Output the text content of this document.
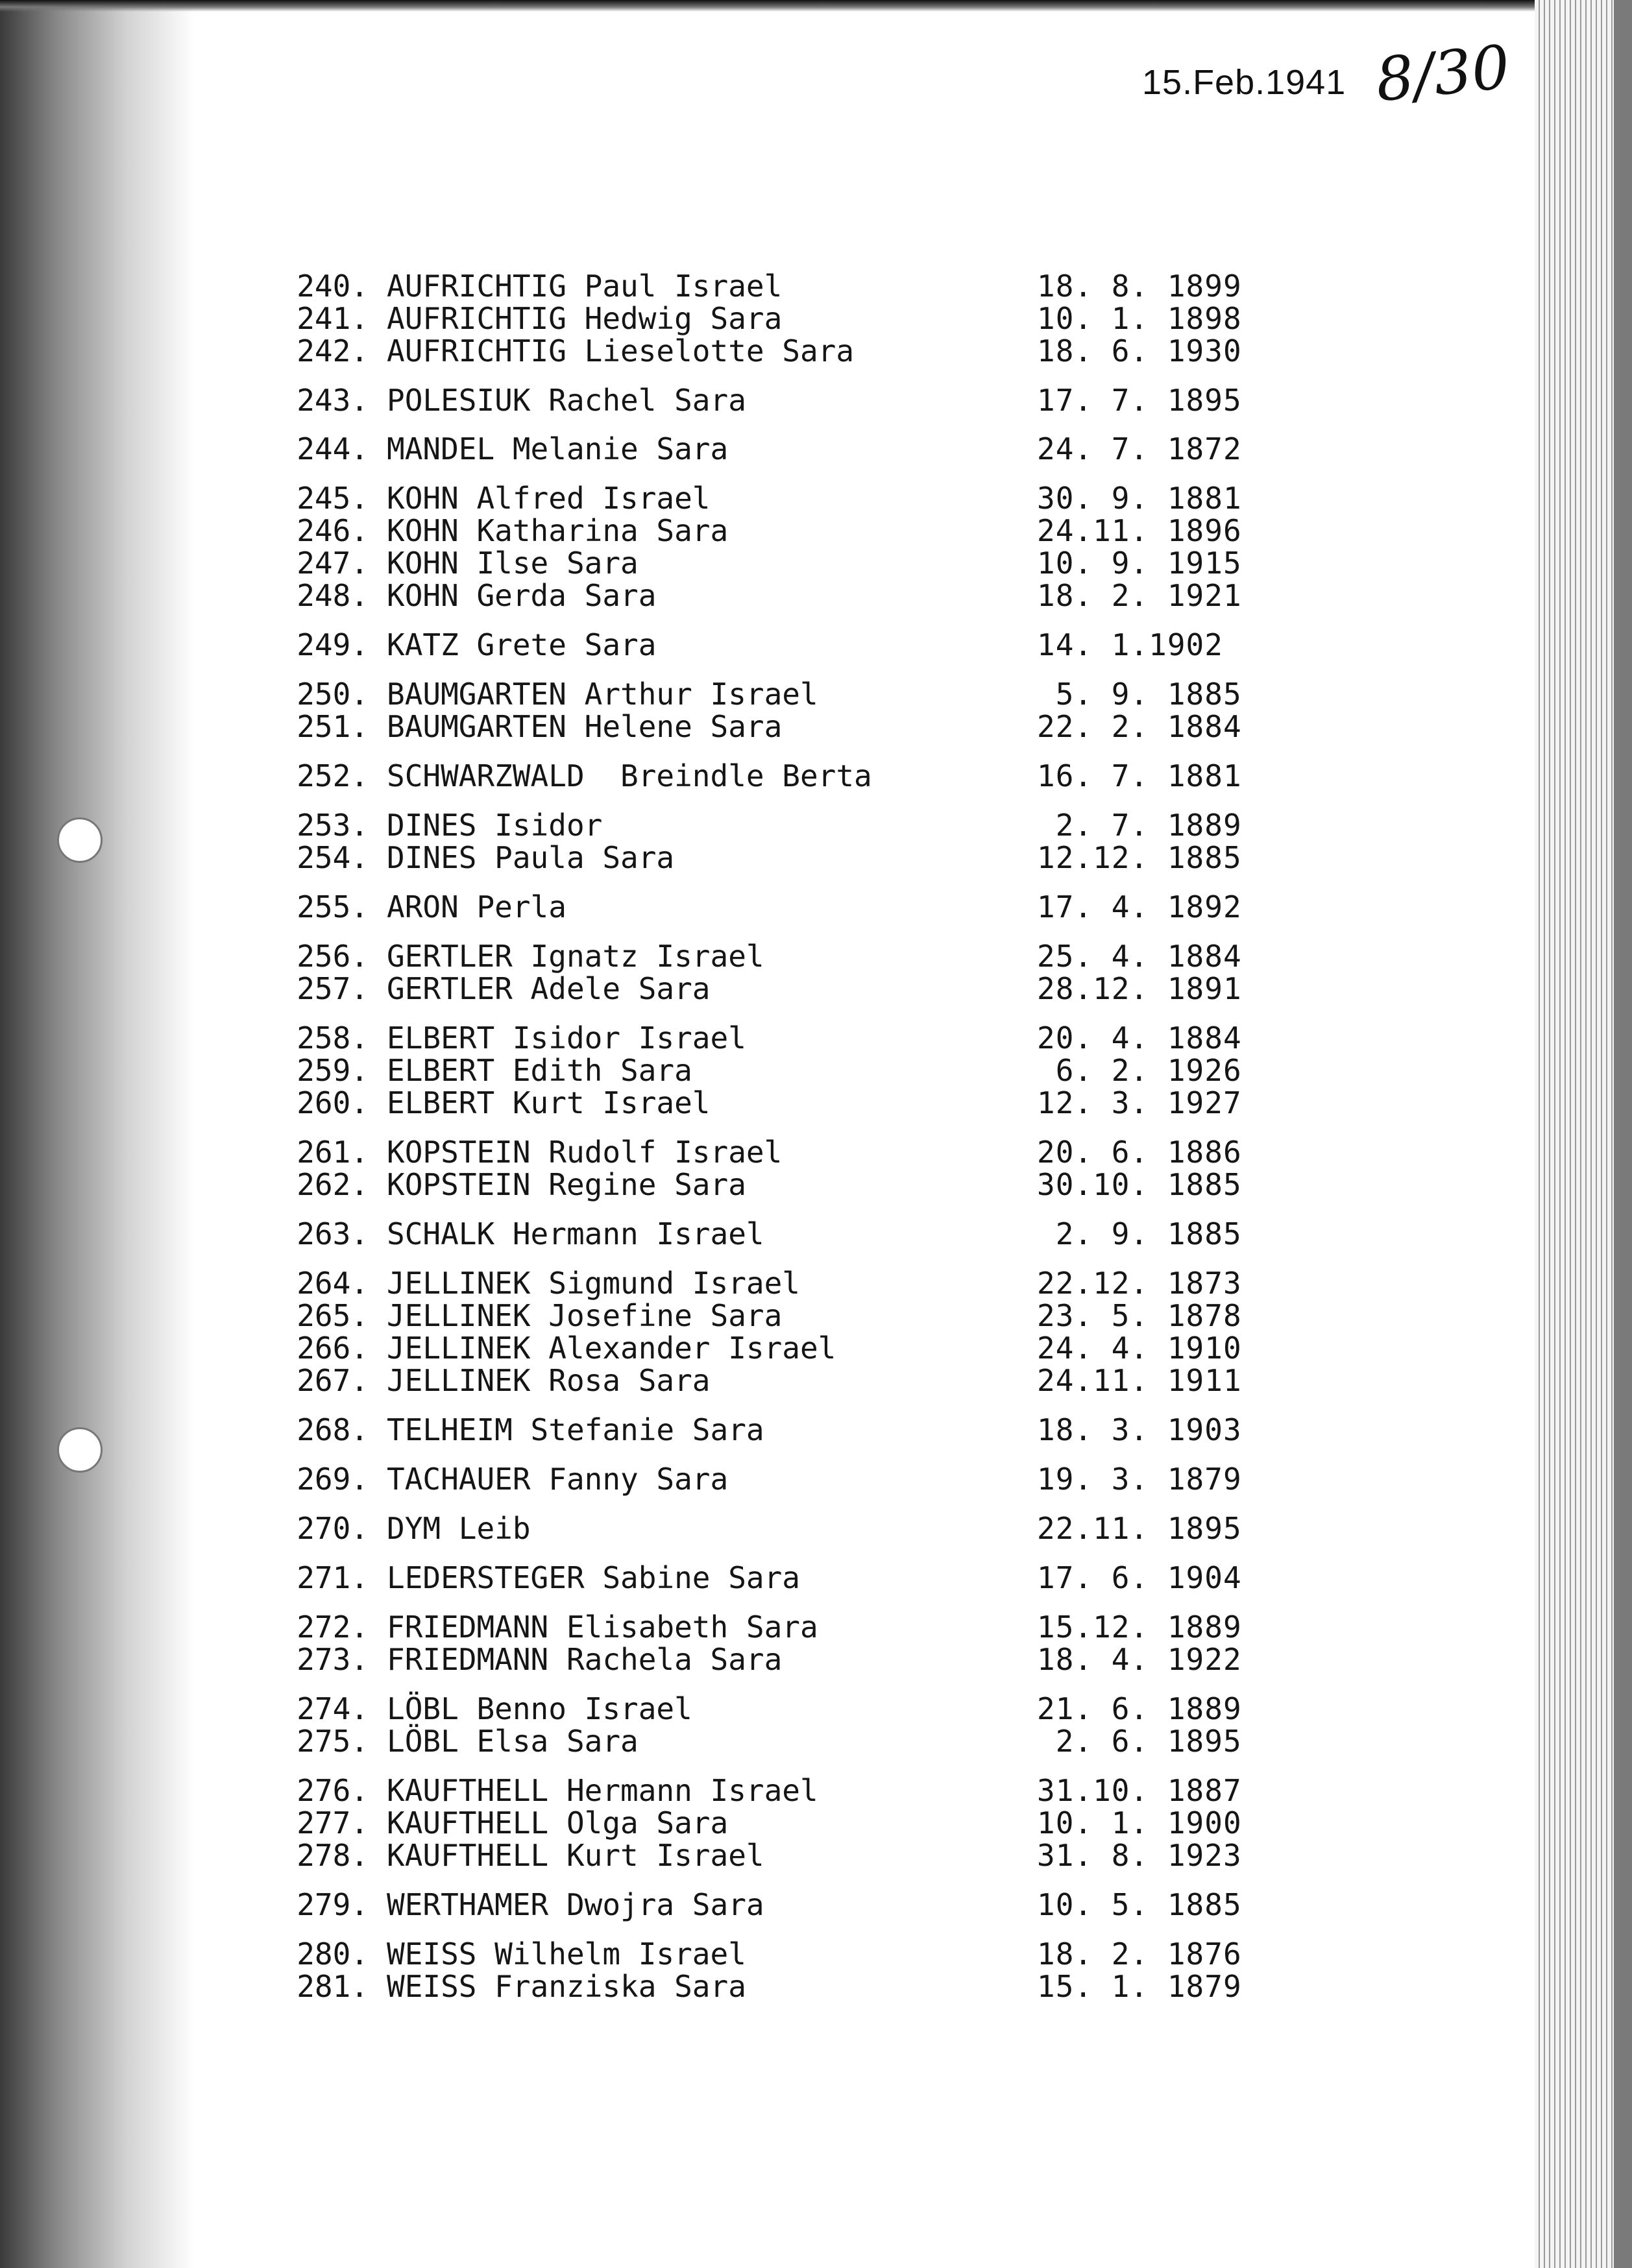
15.Feb.1941 8/30
240. AUFRICHTIG Paul Israel	18. 8. 1899
241. AUFRICHTIG Hedwig Sara	10. 1. 1898
242. AUFRICHTIG Lieselotte Sara	18. 6. 1930
243. POLESIUK Rachel Sara	17. 7. 1895
244. MANDEL Melanie Sara	24. 7. 1872
245. KOHN Alfred Israel	30. 9. 1881
246. KOHN Katharina Sara	24.11. 1896
247. KOHN Ilse Sara	10. 9. 1915
248. KOHN Gerda Sara	18. 2. 1921
249. KATZ Grete Sara	14. 1.1902
250. BAUMGARTEN Arthur Israel	5. 9. 1885
251. BAUMGARTEN Helene Sara	22. 2. 1884
252. SCHWARZWALD  Breindle Berta	16. 7. 1881
253. DINES Isidor	2. 7. 1889
254. DINES Paula Sara	12.12. 1885
255. ARON Perla	17. 4. 1892
256. GERTLER Ignatz Israel	25. 4. 1884
257. GERTLER Adele Sara	28.12. 1891
258. ELBERT Isidor Israel	20. 4. 1884
259. ELBERT Edith Sara	6. 2. 1926
260. ELBERT Kurt Israel	12. 3. 1927
261. KOPSTEIN Rudolf Israel	20. 6. 1886
262. KOPSTEIN Regine Sara	30.10. 1885
263. SCHALK Hermann Israel	2. 9. 1885
264. JELLINEK Sigmund Israel	22.12. 1873
265. JELLINEK Josefine Sara	23. 5. 1878
266. JELLINEK Alexander Israel	24. 4. 1910
267. JELLINEK Rosa Sara	24.11. 1911
268. TELHEIM Stefanie Sara	18. 3. 1903
269. TACHAUER Fanny Sara	19. 3. 1879
270. DYM Leib	22.11. 1895
271. LEDERSTEGER Sabine Sara	17. 6. 1904
272. FRIEDMANN Elisabeth Sara	15.12. 1889
273. FRIEDMANN Rachela Sara	18. 4. 1922
274. LÖBL Benno Israel	21. 6. 1889
275. LÖBL Elsa Sara	2. 6. 1895
276. KAUFTHELL Hermann Israel	31.10. 1887
277. KAUFTHELL Olga Sara	10. 1. 1900
278. KAUFTHELL Kurt Israel	31. 8. 1923
279. WERTHAMER Dwojra Sara	10. 5. 1885
280. WEISS Wilhelm Israel	18. 2. 1876
281. WEISS Franziska Sara	15. 1. 1879
